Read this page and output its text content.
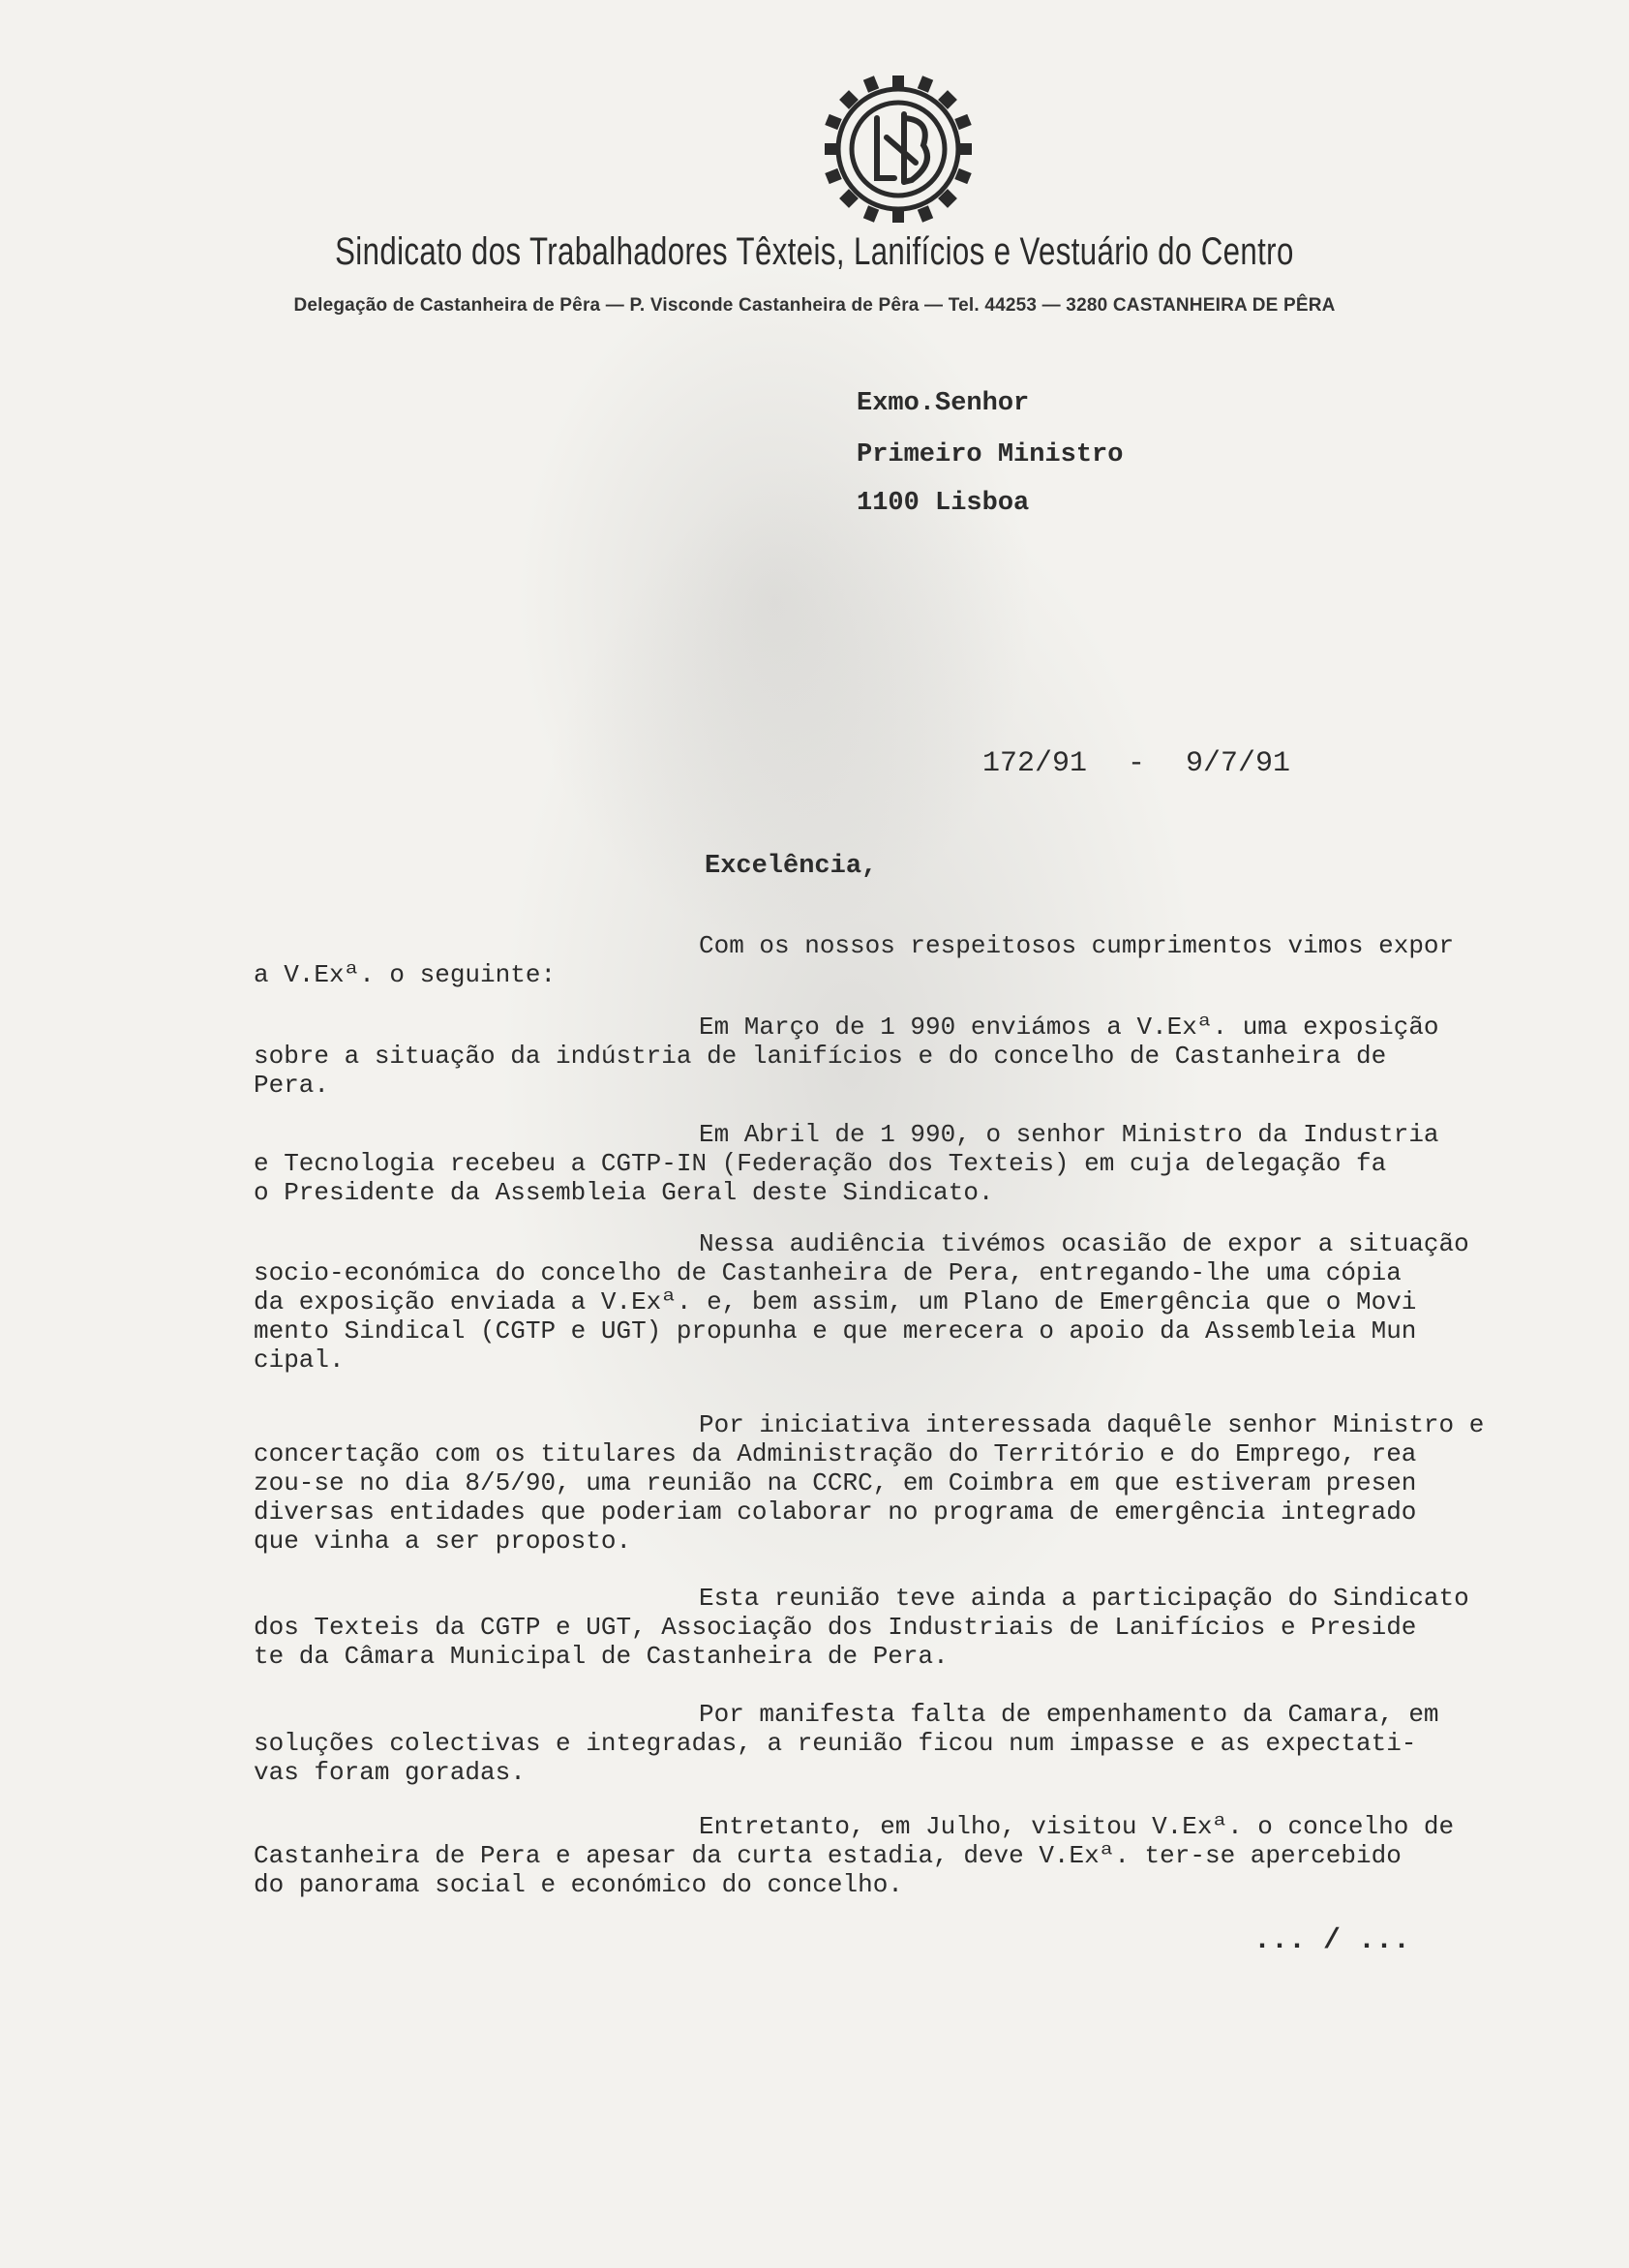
Sindicato dos Trabalhadores Têxteis, Lanifícios e Vestuário do Centro
Delegação de Castanheira de Pêra — P. Visconde Castanheira de Pêra — Tel. 44253 — 3280 CASTANHEIRA DE PÊRA
Exmo.Senhor
Primeiro Ministro
1100 Lisboa
172/91 - 9/7/91
Excelência,
Com os nossos respeitosos cumprimentos vimos expor
a V.Exª. o seguinte:
Em Março de 1 990 enviámos a V.Exª. uma exposição
sobre a situação da indústria de lanifícios e do concelho de Castanheira de
Pera.
Em Abril de 1 990, o senhor Ministro da Industria
e Tecnologia recebeu a CGTP-IN (Federação dos Texteis) em cuja delegação fa
o Presidente da Assembleia Geral deste Sindicato.
Nessa audiência tivémos ocasião de expor a situação
socio-económica do concelho de Castanheira de Pera, entregando-lhe uma cópia
da exposição enviada a V.Exª. e, bem assim, um Plano de Emergência que o Movi
mento Sindical (CGTP e UGT) propunha e que merecera o apoio da Assembleia Mun
cipal.
Por iniciativa interessada daquêle senhor Ministro e
concertação com os titulares da Administração do Território e do Emprego, rea
zou-se no dia 8/5/90, uma reunião na CCRC, em Coimbra em que estiveram presen
diversas entidades que poderiam colaborar no programa de emergência integrado
que vinha a ser proposto.
Esta reunião teve ainda a participação do Sindicato
dos Texteis da CGTP e UGT, Associação dos Industriais de Lanifícios e Preside
te da Câmara Municipal de Castanheira de Pera.
Por manifesta falta de empenhamento da Camara, em
soluções colectivas e integradas, a reunião ficou num impasse e as expectati-
vas foram goradas.
Entretanto, em Julho, visitou V.Exª. o concelho de
Castanheira de Pera e apesar da curta estadia, deve V.Exª. ter-se apercebido
do panorama social e económico do concelho.
... / ...
